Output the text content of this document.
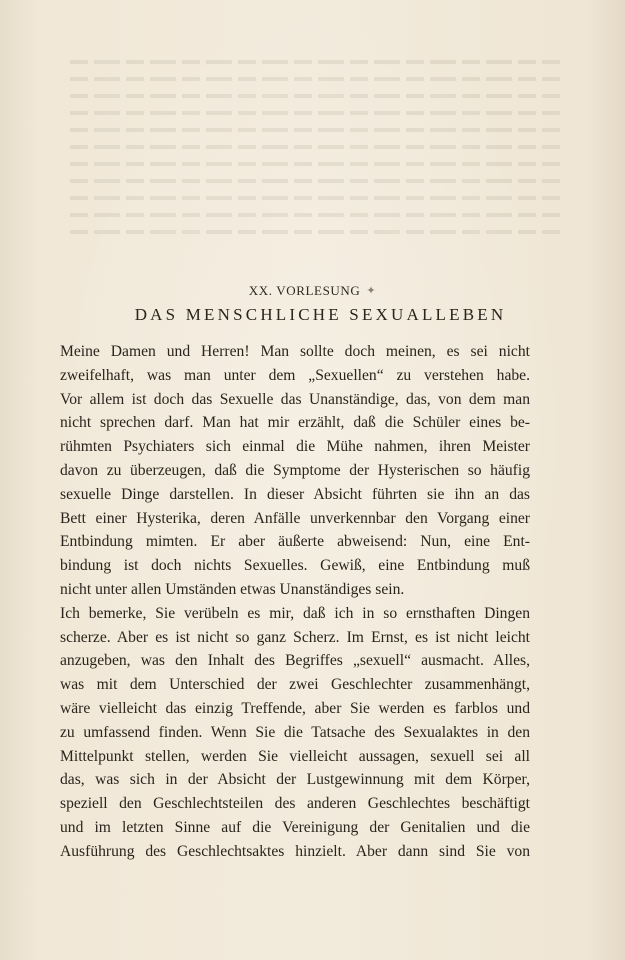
XX. VORLESUNG ✦
DAS MENSCHLICHE SEXUALLEBEN
Meine Damen und Herren! Man sollte doch meinen, es sei nicht
zweifelhaft, was man unter dem „Sexuellen“ zu verstehen habe.
Vor allem ist doch das Sexuelle das Unanständige, das, von dem man
nicht sprechen darf. Man hat mir erzählt, daß die Schüler eines be-
rühmten Psychiaters sich einmal die Mühe nahmen, ihren Meister
davon zu überzeugen, daß die Symptome der Hysterischen so häufig
sexuelle Dinge darstellen. In dieser Absicht führten sie ihn an das
Bett einer Hysterika, deren Anfälle unverkennbar den Vorgang einer
Entbindung mimten. Er aber äußerte abweisend: Nun, eine Ent-
bindung ist doch nichts Sexuelles. Gewiß, eine Entbindung muß
nicht unter allen Umständen etwas Unanständiges sein.
Ich bemerke, Sie verübeln es mir, daß ich in so ernsthaften Dingen
scherze. Aber es ist nicht so ganz Scherz. Im Ernst, es ist nicht leicht
anzugeben, was den Inhalt des Begriffes „sexuell“ ausmacht. Alles,
was mit dem Unterschied der zwei Geschlechter zusammenhängt,
wäre vielleicht das einzig Treffende, aber Sie werden es farblos und
zu umfassend finden. Wenn Sie die Tatsache des Sexualaktes in den
Mittelpunkt stellen, werden Sie vielleicht aussagen, sexuell sei all
das, was sich in der Absicht der Lustgewinnung mit dem Körper,
speziell den Geschlechtsteilen des anderen Geschlechtes beschäftigt
und im letzten Sinne auf die Vereinigung der Genitalien und die
Ausführung des Geschlechtsaktes hinzielt. Aber dann sind Sie von
